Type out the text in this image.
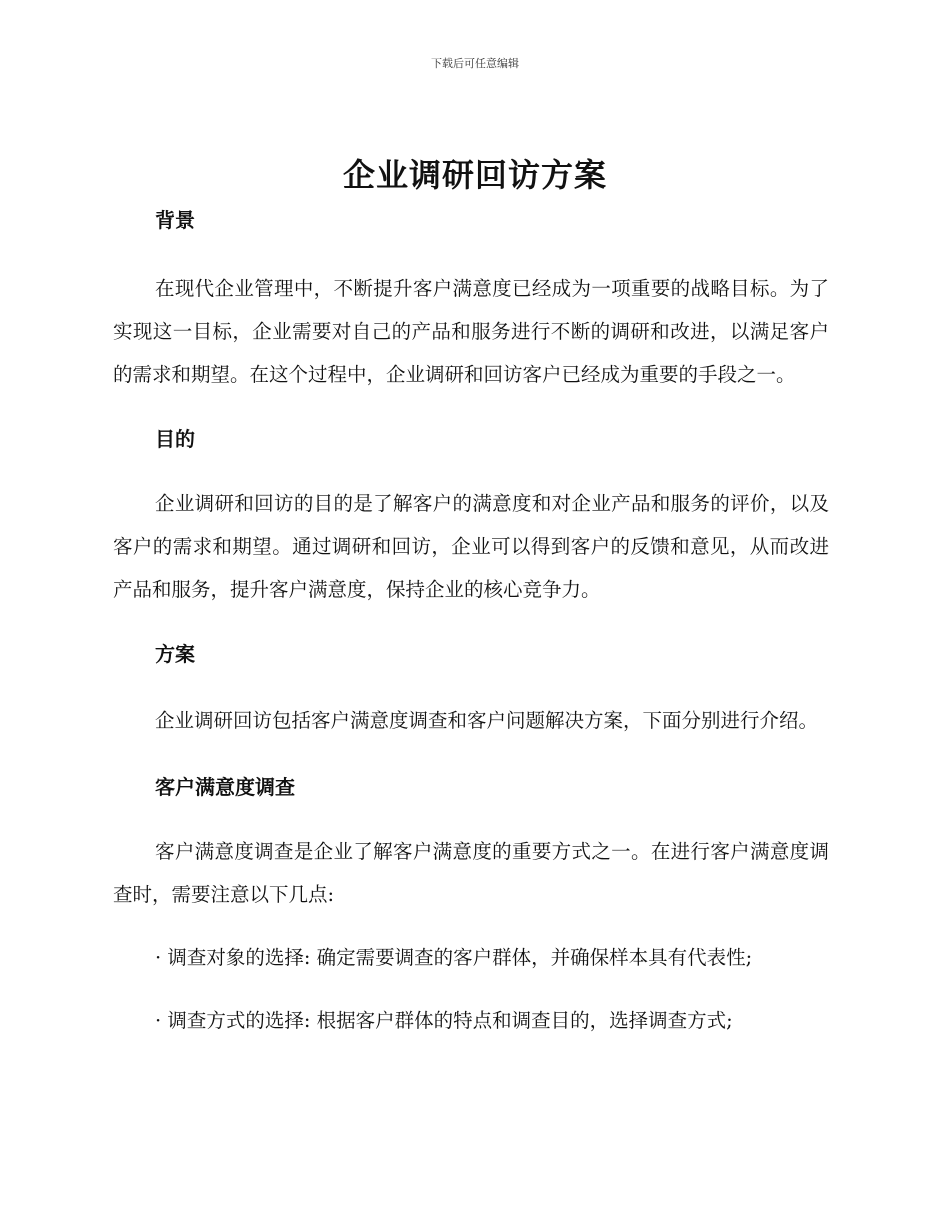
下载后可任意编辑
企业调研回访方案

背景

在现代企业管理中，不断提升客户满意度已经成为一项重要的战略目标。为了实现这一目标，企业需要对自己的产品和服务进行不断的调研和改进，以满足客户的需求和期望。在这个过程中，企业调研和回访客户已经成为重要的手段之一。

目的

企业调研和回访的目的是了解客户的满意度和对企业产品和服务的评价，以及客户的需求和期望。通过调研和回访，企业可以得到客户的反馈和意见，从而改进产品和服务，提升客户满意度，保持企业的核心竞争力。

方案

企业调研回访包括客户满意度调查和客户问题解决方案，下面分别进行介绍。

客户满意度调查

客户满意度调查是企业了解客户满意度的重要方式之一。在进行客户满意度调查时，需要注意以下几点:

· 调查对象的选择: 确定需要调查的客户群体，并确保样本具有代表性;

· 调查方式的选择: 根据客户群体的特点和调查目的，选择调查方式;
